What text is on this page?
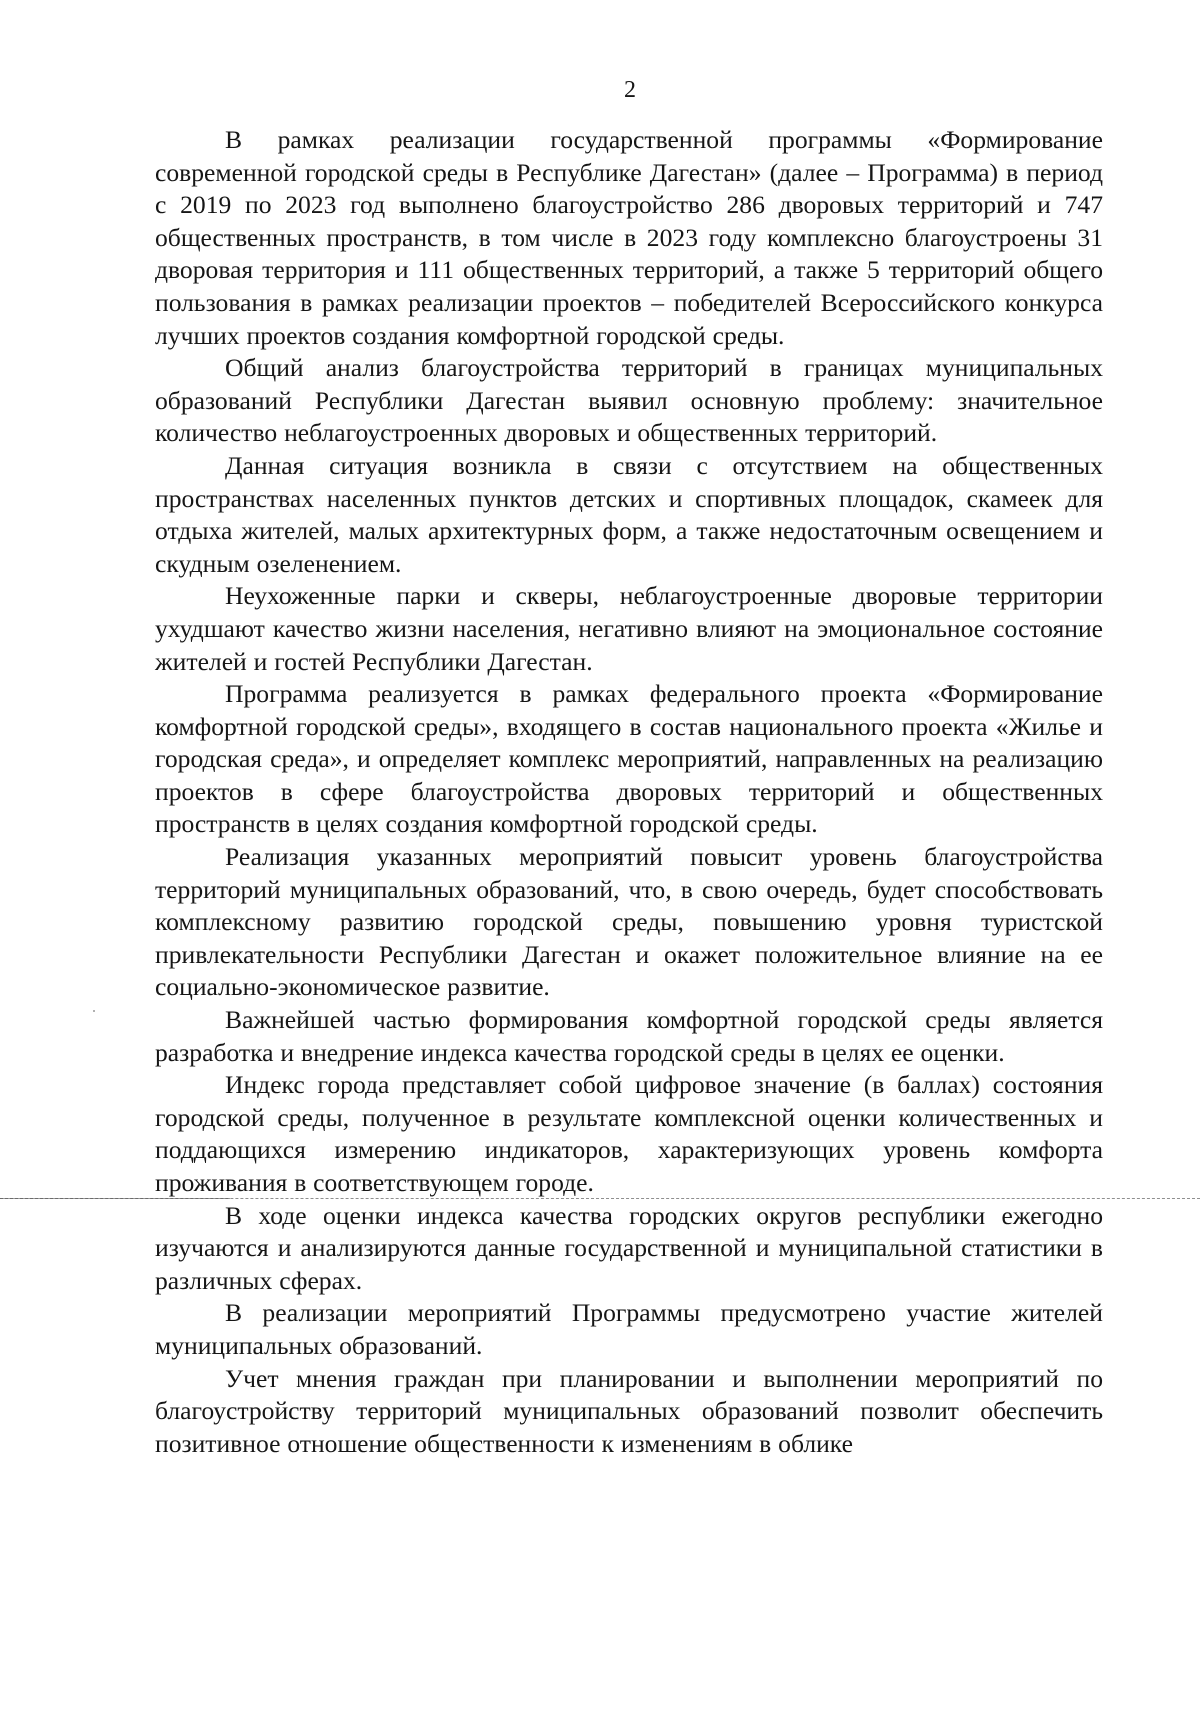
2

В рамках реализации государственной программы «Формирование современной городской среды в Республике Дагестан» (далее – Программа) в период с 2019 по 2023 год выполнено благоустройство 286 дворовых территорий и 747 общественных пространств, в том числе в 2023 году комплексно благоустроены 31 дворовая территория и 111 общественных территорий, а также 5 территорий общего пользования в рамках реализации проектов – победителей Всероссийского конкурса лучших проектов создания комфортной городской среды.

Общий анализ благоустройства территорий в границах муниципальных образований Республики Дагестан выявил основную проблему: значительное количество неблагоустроенных дворовых и общественных территорий.

Данная ситуация возникла в связи с отсутствием на общественных пространствах населенных пунктов детских и спортивных площадок, скамеек для отдыха жителей, малых архитектурных форм, а также недостаточным освещением и скудным озеленением.

Неухоженные парки и скверы, неблагоустроенные дворовые территории ухудшают качество жизни населения, негативно влияют на эмоциональное состояние жителей и гостей Республики Дагестан.

Программа реализуется в рамках федерального проекта «Формирование комфортной городской среды», входящего в состав национального проекта «Жилье и городская среда», и определяет комплекс мероприятий, направленных на реализацию проектов в сфере благоустройства дворовых территорий и общественных пространств в целях создания комфортной городской среды.

Реализация указанных мероприятий повысит уровень благоустройства территорий муниципальных образований, что, в свою очередь, будет способствовать комплексному развитию городской среды, повышению уровня туристской привлекательности Республики Дагестан и окажет положительное влияние на ее социально-экономическое развитие.

Важнейшей частью формирования комфортной городской среды является разработка и внедрение индекса качества городской среды в целях ее оценки.

Индекс города представляет собой цифровое значение (в баллах) состояния городской среды, полученное в результате комплексной оценки количественных и поддающихся измерению индикаторов, характеризующих уровень комфорта проживания в соответствующем городе.

В ходе оценки индекса качества городских округов республики ежегодно изучаются и анализируются данные государственной и муниципальной статистики в различных сферах.

В реализации мероприятий Программы предусмотрено участие жителей муниципальных образований.

Учет мнения граждан при планировании и выполнении мероприятий по благоустройству территорий муниципальных образований позволит обеспечить позитивное отношение общественности к изменениям в облике
